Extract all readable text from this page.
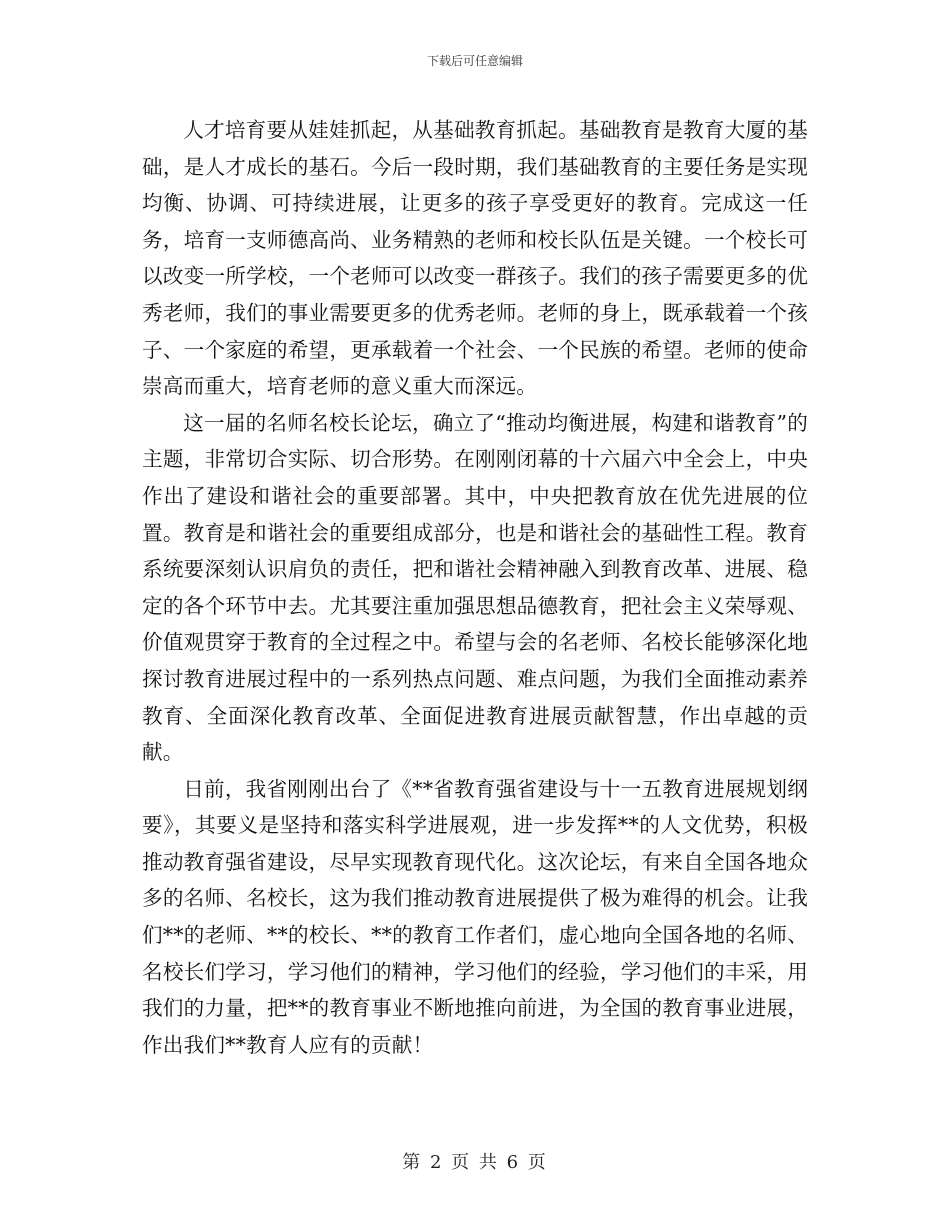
下载后可任意编辑

人才培育要从娃娃抓起，从基础教育抓起。基础教育是教育大厦的基础，是人才成长的基石。今后一段时期，我们基础教育的主要任务是实现均衡、协调、可持续进展，让更多的孩子享受更好的教育。完成这一任务，培育一支师德高尚、业务精熟的老师和校长队伍是关键。一个校长可以改变一所学校，一个老师可以改变一群孩子。我们的孩子需要更多的优秀老师，我们的事业需要更多的优秀老师。老师的身上，既承载着一个孩子、一个家庭的希望，更承载着一个社会、一个民族的希望。老师的使命崇高而重大，培育老师的意义重大而深远。

这一届的名师名校长论坛，确立了“推动均衡进展，构建和谐教育”的主题，非常切合实际、切合形势。在刚刚闭幕的十六届六中全会上，中央作出了建设和谐社会的重要部署。其中，中央把教育放在优先进展的位置。教育是和谐社会的重要组成部分，也是和谐社会的基础性工程。教育系统要深刻认识肩负的责任，把和谐社会精神融入到教育改革、进展、稳定的各个环节中去。尤其要注重加强思想品德教育，把社会主义荣辱观、价值观贯穿于教育的全过程之中。希望与会的名老师、名校长能够深化地探讨教育进展过程中的一系列热点问题、难点问题，为我们全面推动素养教育、全面深化教育改革、全面促进教育进展贡献智慧，作出卓越的贡献。

日前，我省刚刚出台了《**省教育强省建设与十一五教育进展规划纲要》，其要义是坚持和落实科学进展观，进一步发挥**的人文优势，积极推动教育强省建设，尽早实现教育现代化。这次论坛，有来自全国各地众多的名师、名校长，这为我们推动教育进展提供了极为难得的机会。让我们**的老师、**的校长、**的教育工作者们，虚心地向全国各地的名师、名校长们学习，学习他们的精神，学习他们的经验，学习他们的丰采，用我们的力量，把**的教育事业不断地推向前进，为全国的教育事业进展，作出我们**教育人应有的贡献！

第 2 页 共 6 页
